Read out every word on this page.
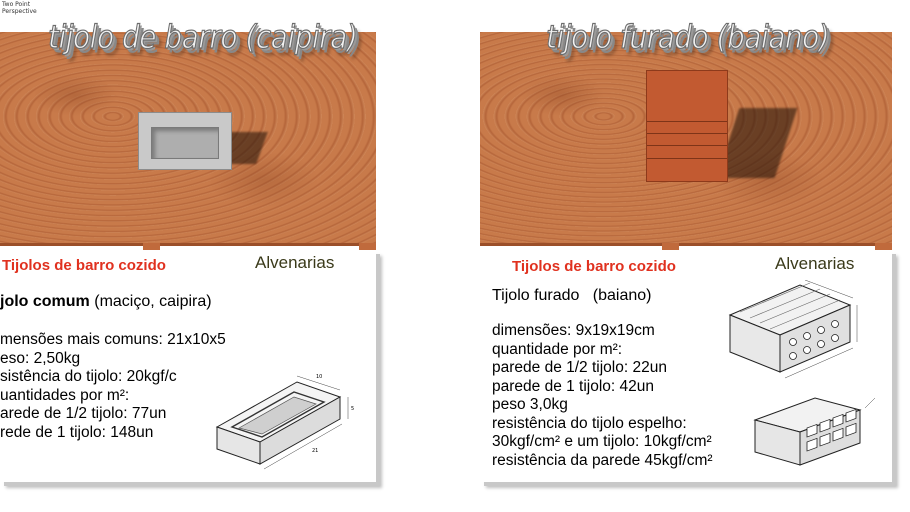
Two Point
Perspective
tijolo de barro (caipira)
Tijolos de barro cozido	Alvenarias
jolo comum (maciço, caipira)
mensões mais comuns: 21x10x5
eso: 2,50kg
sistência do tijolo: 20kgf/c
uantidades por m²:
arede de 1/2 tijolo: 77un
rede de 1 tijolo: 148un
10
5
21
tijolo furado (baiano)
Tijolos de barro cozido	Alvenarias
Tijolo furado (baiano)
dimensões: 9x19x19cm
quantidade por m²:
parede de 1/2 tijolo: 22un
parede de 1 tijolo: 42un
peso 3,0kg
resistência do tijolo espelho:
30kgf/cm² e um tijolo: 10kgf/cm²
resistência da parede 45kgf/cm²
